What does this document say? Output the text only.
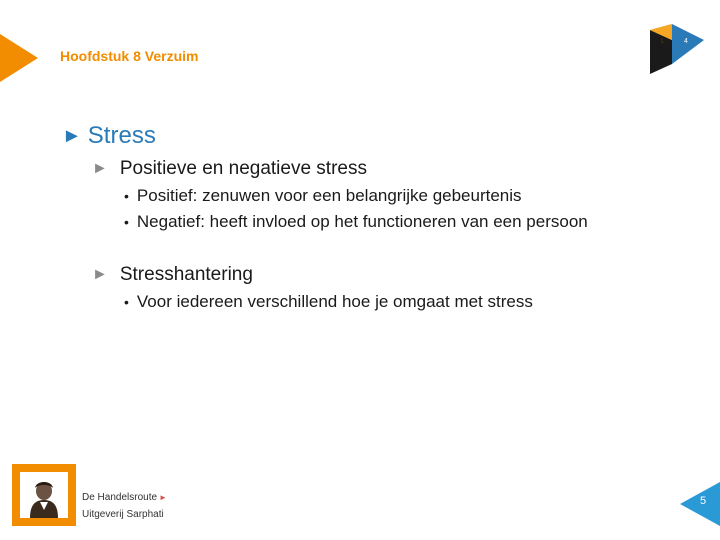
L	4
Hoofdstuk 8 Verzuim
► Stress
► Positieve en negatieve stress
• Positief: zenuwen voor een belangrijke gebeurtenis
• Negatief: heeft invloed op het functioneren van een persoon
► Stresshantering
• Voor iedereen verschillend hoe je omgaat met stress
De Handelsroute ►
Uitgeverij Sarphati
5
